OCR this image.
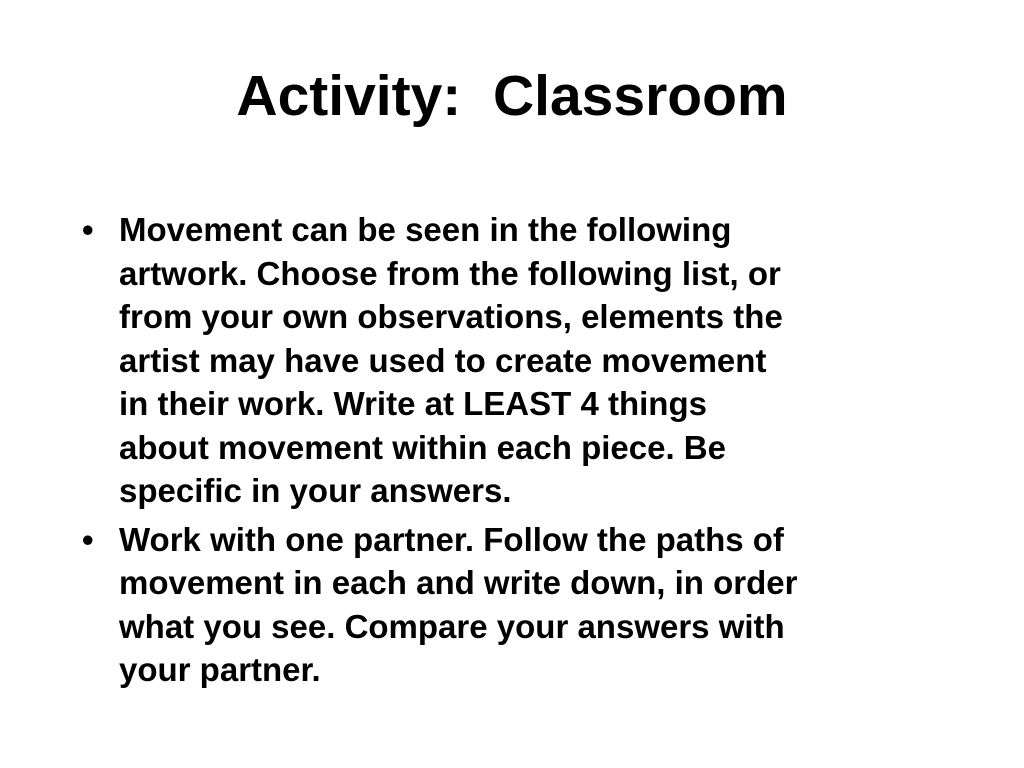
Activity:  Classroom
• Movement can be seen in the following
artwork. Choose from the following list, or
from your own observations, elements the
artist may have used to create movement
in their work. Write at LEAST 4 things
about movement within each piece. Be
specific in your answers.
• Work with one partner. Follow the paths of
movement in each and write down, in order
what you see. Compare your answers with
your partner.
